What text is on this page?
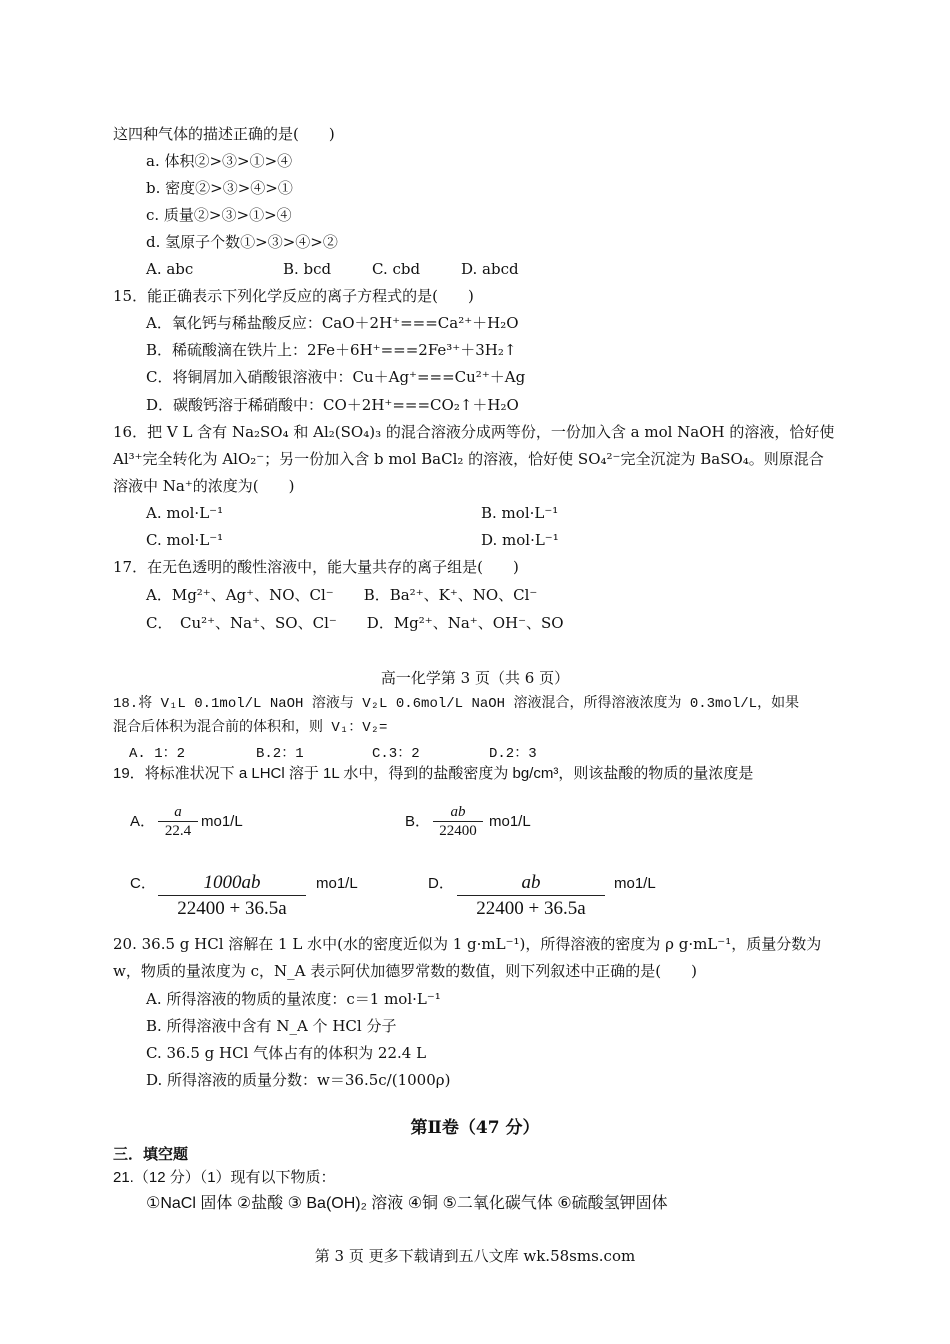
这四种气体的描述正确的是(　　)
a. 体积②>③>①>④
b. 密度②>③>④>①
c. 质量②>③>①>④
d. 氢原子个数①>③>④>②
A. abc	B. bcd	C. cbd	D. abcd
15．能正确表示下列化学反应的离子方程式的是(　　)
A．氧化钙与稀盐酸反应：CaO＋2H⁺===Ca²⁺＋H₂O
B．稀硫酸滴在铁片上：2Fe＋6H⁺===2Fe³⁺＋3H₂↑
C．将铜屑加入硝酸银溶液中：Cu＋Ag⁺===Cu²⁺＋Ag
D．碳酸钙溶于稀硝酸中：CO＋2H⁺===CO₂↑＋H₂O
16．把 V L 含有 Na₂SO₄ 和 Al₂(SO₄)₃ 的混合溶液分成两等份，一份加入含 a mol NaOH 的溶液，恰好使
Al³⁺完全转化为 AlO₂⁻；另一份加入含 b mol BaCl₂ 的溶液，恰好使 SO₄²⁻完全沉淀为 BaSO₄。则原混合
溶液中 Na⁺的浓度为(　　)
A. mol·L⁻¹	B. mol·L⁻¹
C. mol·L⁻¹	D. mol·L⁻¹
17．在无色透明的酸性溶液中，能大量共存的离子组是(　　)
A．Mg²⁺、Ag⁺、NO、Cl⁻　　B．Ba²⁺、K⁺、NO、Cl⁻
C．　Cu²⁺、Na⁺、SO、Cl⁻　　D．Mg²⁺、Na⁺、OH⁻、SO
高一化学第 3 页（共 6 页）
18.将 V₁L 0.1mol/L NaOH 溶液与 V₂L 0.6mol/L NaOH 溶液混合，所得溶液浓度为 0.3mol/L，如果
混合后体积为混合前的体积和，则 V₁：V₂=
A. 1：2	B.2：1	C.3：2	D.2：3
19．将标准状况下 a LHCl 溶于 1L 水中，得到的盐酸密度为 bg/cm³，则该盐酸的物质的量浓度是
A． $\frac{a}{22.4} mo1/L$	B． $\frac{ab}{22400} mo1/L$
C． $\frac{1000ab}{22400 + 36.5a} mo1/L$	D． $\frac{ab}{22400 + 36.5a} mo1/L$
20. 36.5 g HCl 溶解在 1 L 水中(水的密度近似为 1 g·mL⁻¹)，所得溶液的密度为 ρ g·mL⁻¹，质量分数为
w，物质的量浓度为 c，N_A 表示阿伏加德罗常数的数值，则下列叙述中正确的是(　　)
A. 所得溶液的物质的量浓度：c＝1 mol·L⁻¹
B. 所得溶液中含有 N_A 个 HCl 分子
C. 36.5 g HCl 气体占有的体积为 22.4 L
D. 所得溶液的质量分数：w＝36.5c/(1000ρ)
第Ⅱ卷（47 分）
三．填空题
21.（12 分）（1）现有以下物质：
①NaCl 固体 ②盐酸 ③ Ba(OH)₂ 溶液 ④铜 ⑤二氧化碳气体 ⑥硫酸氢钾固体
第 3 页 更多下载请到五八文库 wk.58sms.com
